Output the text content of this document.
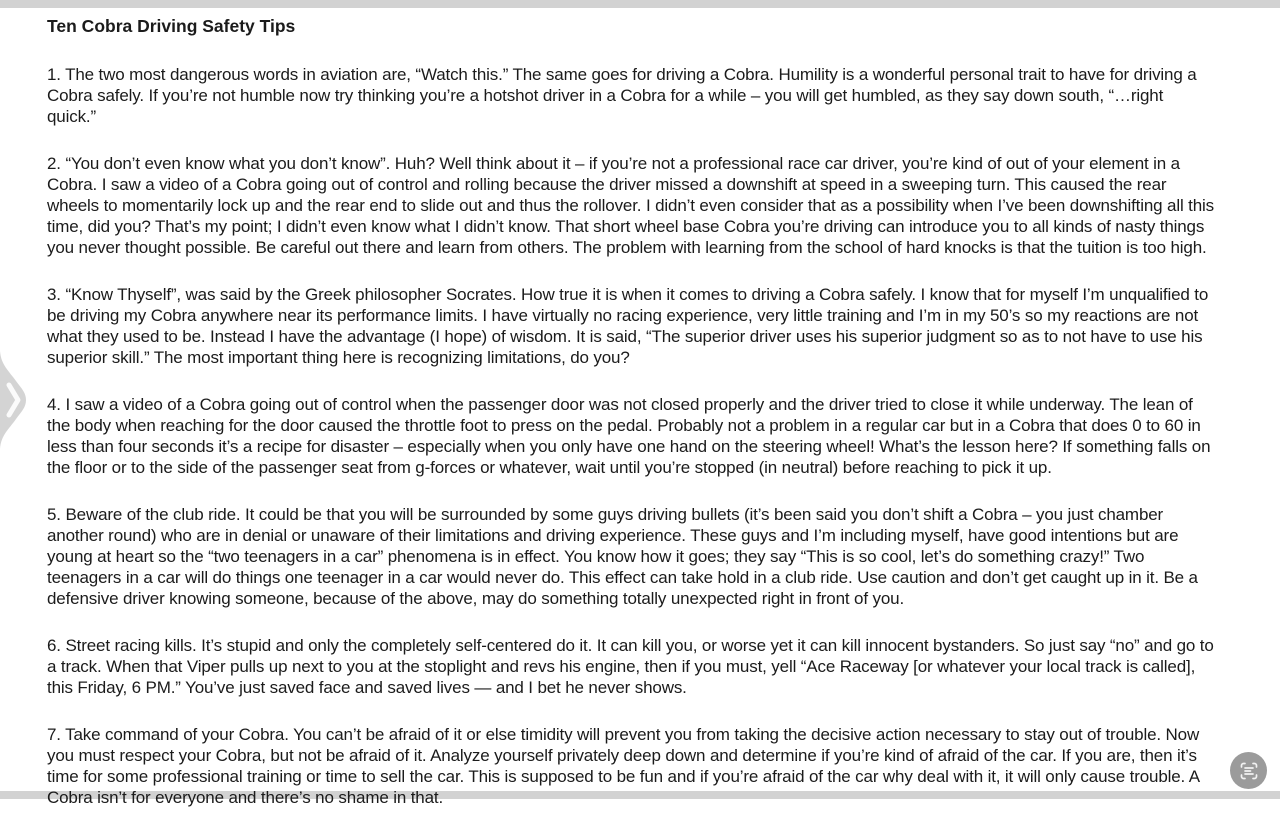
Ten Cobra Driving Safety Tips

1. The two most dangerous words in aviation are, “Watch this.” The same goes for driving a Cobra. Humility is a wonderful personal trait to have for driving a Cobra safely. If you’re not humble now try thinking you’re a hotshot driver in a Cobra for a while – you will get humbled, as they say down south, “…right quick.”

2. “You don’t even know what you don’t know”. Huh? Well think about it – if you’re not a professional race car driver, you’re kind of out of your element in a Cobra. I saw a video of a Cobra going out of control and rolling because the driver missed a downshift at speed in a sweeping turn. This caused the rear wheels to momentarily lock up and the rear end to slide out and thus the rollover. I didn’t even consider that as a possibility when I’ve been downshifting all this time, did you? That’s my point; I didn’t even know what I didn’t know. That short wheel base Cobra you’re driving can introduce you to all kinds of nasty things you never thought possible. Be careful out there and learn from others. The problem with learning from the school of hard knocks is that the tuition is too high.

3. “Know Thyself”, was said by the Greek philosopher Socrates. How true it is when it comes to driving a Cobra safely. I know that for myself I’m unqualified to be driving my Cobra anywhere near its performance limits. I have virtually no racing experience, very little training and I’m in my 50’s so my reactions are not what they used to be. Instead I have the advantage (I hope) of wisdom. It is said, “The superior driver uses his superior judgment so as to not have to use his superior skill.” The most important thing here is recognizing limitations, do you?

4. I saw a video of a Cobra going out of control when the passenger door was not closed properly and the driver tried to close it while underway. The lean of the body when reaching for the door caused the throttle foot to press on the pedal. Probably not a problem in a regular car but in a Cobra that does 0 to 60 in less than four seconds it’s a recipe for disaster – especially when you only have one hand on the steering wheel! What’s the lesson here? If something falls on the floor or to the side of the passenger seat from g-forces or whatever, wait until you’re stopped (in neutral) before reaching to pick it up.

5. Beware of the club ride. It could be that you will be surrounded by some guys driving bullets (it’s been said you don’t shift a Cobra – you just chamber another round) who are in denial or unaware of their limitations and driving experience. These guys and I’m including myself, have good intentions but are young at heart so the “two teenagers in a car” phenomena is in effect. You know how it goes; they say “This is so cool, let’s do something crazy!” Two teenagers in a car will do things one teenager in a car would never do. This effect can take hold in a club ride. Use caution and don’t get caught up in it. Be a defensive driver knowing someone, because of the above, may do something totally unexpected right in front of you.

6. Street racing kills. It’s stupid and only the completely self-centered do it. It can kill you, or worse yet it can kill innocent bystanders. So just say “no” and go to a track. When that Viper pulls up next to you at the stoplight and revs his engine, then if you must, yell “Ace Raceway [or whatever your local track is called], this Friday, 6 PM.” You’ve just saved face and saved lives — and I bet he never shows.

7. Take command of your Cobra. You can’t be afraid of it or else timidity will prevent you from taking the decisive action necessary to stay out of trouble. Now you must respect your Cobra, but not be afraid of it. Analyze yourself privately deep down and determine if you’re kind of afraid of the car. If you are, then it’s time for some professional training or time to sell the car. This is supposed to be fun and if you’re afraid of the car why deal with it, it will only cause trouble. A Cobra isn’t for everyone and there’s no shame in that.
